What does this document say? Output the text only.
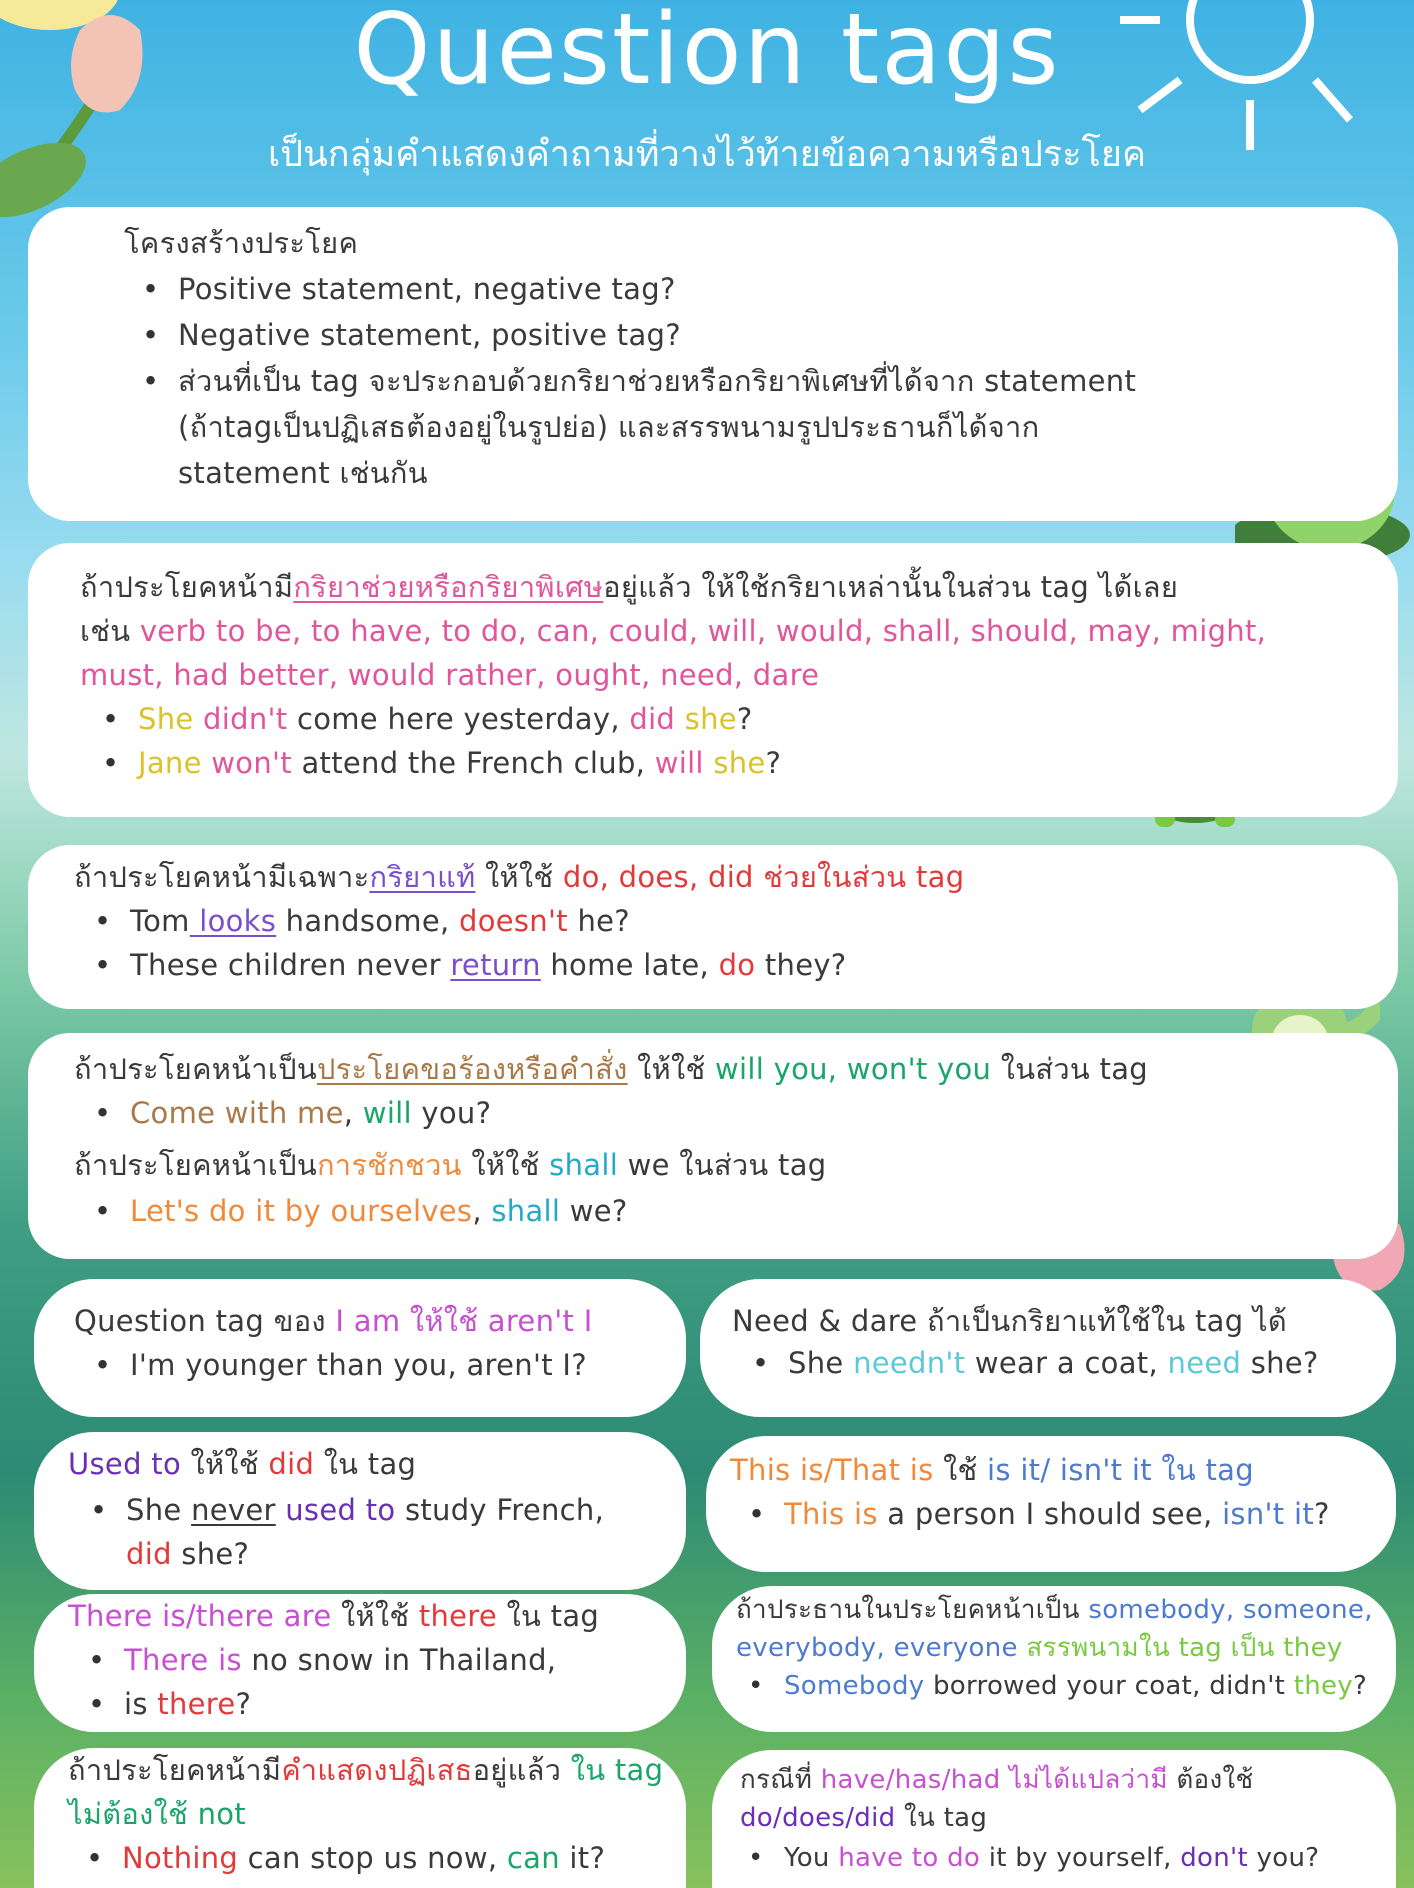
Question tags
เป็นกลุ่มคำแสดงคำถามที่วางไว้ท้ายข้อความหรือประโยค
โครงสร้างประโยค
• Positive statement, negative tag?
• Negative statement, positive tag?
• ส่วนที่เป็น tag จะประกอบด้วยกริยาช่วยหรือกริยาพิเศษที่ได้จาก statement
(ถ้าtagเป็นปฏิเสธต้องอยู่ในรูปย่อ) และสรรพนามรูปประธานก็ได้จาก
statement เช่นกัน
ถ้าประโยคหน้ามีกริยาช่วยหรือกริยาพิเศษอยู่แล้ว ให้ใช้กริยาเหล่านั้นในส่วน tag ได้เลย
เช่น verb to be, to have, to do, can, could, will, would, shall, should, may, might,
must, had better, would rather, ought, need, dare
• She didn't come here yesterday, did she?
• Jane won't attend the French club, will she?
ถ้าประโยคหน้ามีเฉพาะกริยาแท้ ให้ใช้ do, does, did ช่วยในส่วน tag
• Tom looks handsome, doesn't he?
• These children never return home late, do they?
ถ้าประโยคหน้าเป็นประโยคขอร้องหรือคำสั่ง ให้ใช้ will you, won't you ในส่วน tag
• Come with me, will you?
ถ้าประโยคหน้าเป็นการชักชวน ให้ใช้ shall we ในส่วน tag
• Let's do it by ourselves, shall we?
Question tag ของ I am ให้ใช้ aren't I
• I'm younger than you, aren't I?
Need & dare ถ้าเป็นกริยาแท้ใช้ใน tag ได้
• She needn't wear a coat, need she?
Used to ให้ใช้ did ใน tag
• She never used to study French,
did she?
This is/That is ใช้ is it/ isn't it ใน tag
• This is a person I should see, isn't it?
There is/there are ให้ใช้ there ใน tag
• There is no snow in Thailand,
• is there?
ถ้าประธานในประโยคหน้าเป็น somebody, someone,
everybody, everyone สรรพนามใน tag เป็น they
• Somebody borrowed your coat, didn't they?
ถ้าประโยคหน้ามีคำแสดงปฏิเสธอยู่แล้ว ใน tag
ไม่ต้องใช้ not
• Nothing can stop us now, can it?
กรณีที่ have/has/had ไม่ได้แปลว่ามี ต้องใช้
do/does/did ใน tag
• You have to do it by yourself, don't you?
